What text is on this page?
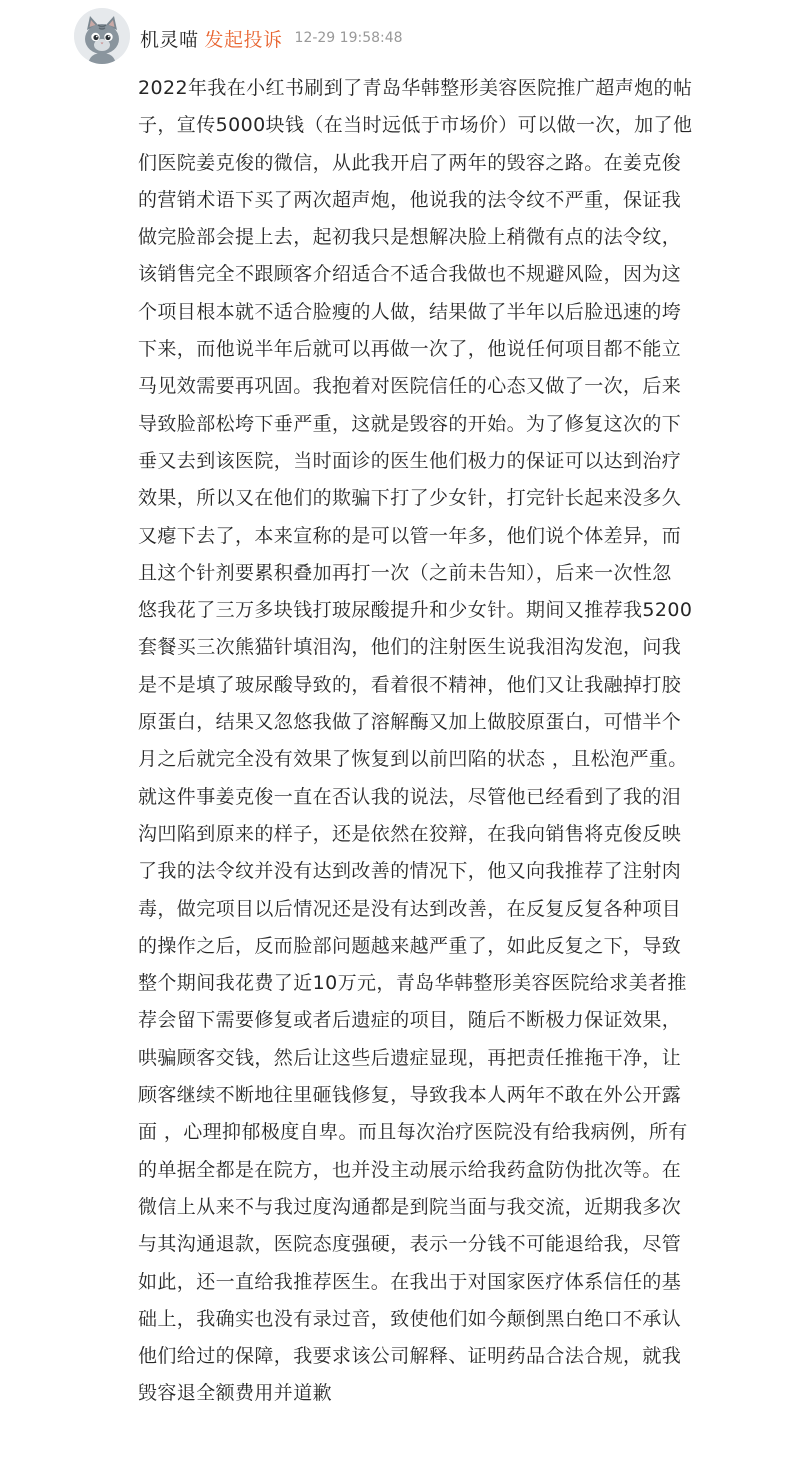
机灵喵 发起投诉 12-29 19:58:48

2022年我在小红书刷到了青岛华韩整形美容医院推广超声炮的帖
子，宣传5000块钱（在当时远低于市场价）可以做一次，加了他
们医院姜克俊的微信，从此我开启了两年的毁容之路。在姜克俊
的营销术语下买了两次超声炮，他说我的法令纹不严重，保证我
做完脸部会提上去，起初我只是想解决脸上稍微有点的法令纹，
该销售完全不跟顾客介绍适合不适合我做也不规避风险，因为这
个项目根本就不适合脸瘦的人做，结果做了半年以后脸迅速的垮
下来，而他说半年后就可以再做一次了，他说任何项目都不能立
马见效需要再巩固。我抱着对医院信任的心态又做了一次，后来
导致脸部松垮下垂严重，这就是毁容的开始。为了修复这次的下
垂又去到该医院，当时面诊的医生他们极力的保证可以达到治疗
效果，所以又在他们的欺骗下打了少女针，打完针长起来没多久
又瘪下去了，本来宣称的是可以管一年多，他们说个体差异，而
且这个针剂要累积叠加再打一次（之前未告知），后来一次性忽
悠我花了三万多块钱打玻尿酸提升和少女针。期间又推荐我5200
套餐买三次熊猫针填泪沟，他们的注射医生说我泪沟发泡，问我
是不是填了玻尿酸导致的，看着很不精神，他们又让我融掉打胶
原蛋白，结果又忽悠我做了溶解酶又加上做胶原蛋白，可惜半个
月之后就完全没有效果了恢复到以前凹陷的状态 ，且松泡严重。
就这件事姜克俊一直在否认我的说法，尽管他已经看到了我的泪
沟凹陷到原来的样子，还是依然在狡辩，在我向销售将克俊反映
了我的法令纹并没有达到改善的情况下，他又向我推荐了注射肉
毒，做完项目以后情况还是没有达到改善，在反复反复各种项目
的操作之后，反而脸部问题越来越严重了，如此反复之下，导致
整个期间我花费了近10万元，青岛华韩整形美容医院给求美者推
荐会留下需要修复或者后遗症的项目，随后不断极力保证效果，
哄骗顾客交钱，然后让这些后遗症显现，再把责任推拖干净，让
顾客继续不断地往里砸钱修复，导致我本人两年不敢在外公开露
面 ，心理抑郁极度自卑。而且每次治疗医院没有给我病例，所有
的单据全都是在院方，也并没主动展示给我药盒防伪批次等。在
微信上从来不与我过度沟通都是到院当面与我交流，近期我多次
与其沟通退款，医院态度强硬，表示一分钱不可能退给我，尽管
如此，还一直给我推荐医生。在我出于对国家医疗体系信任的基
础上，我确实也没有录过音，致使他们如今颠倒黑白绝口不承认
他们给过的保障，我要求该公司解释、证明药品合法合规，就我
毁容退全额费用并道歉
